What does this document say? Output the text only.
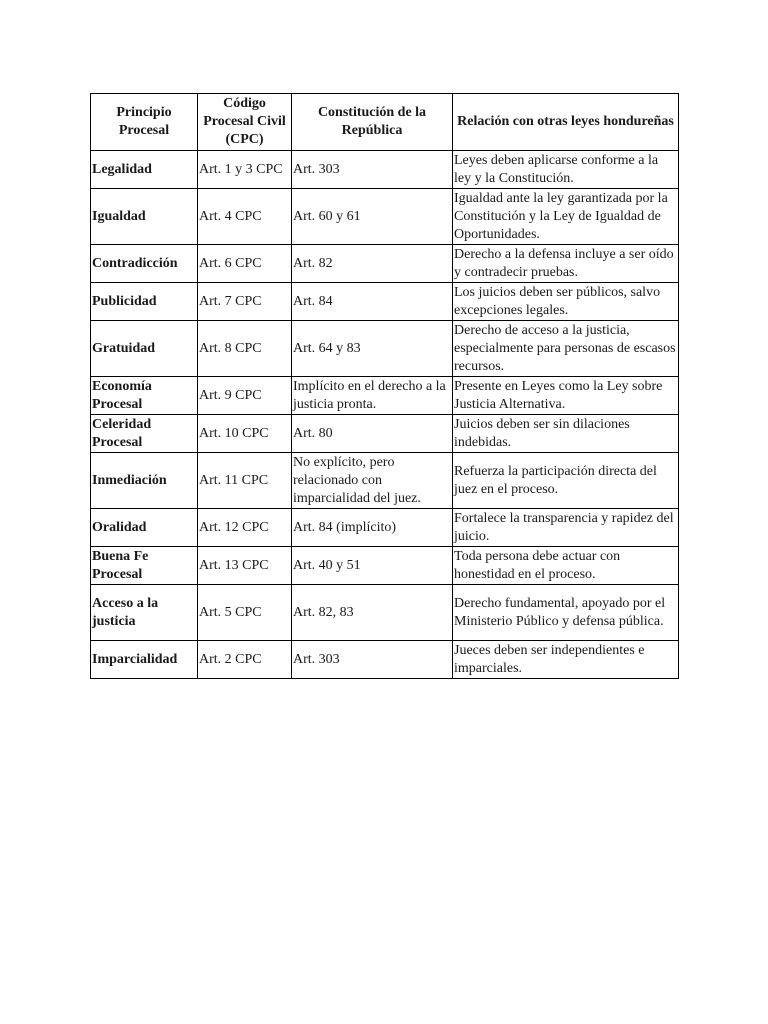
Principio Procesal	Código Procesal Civil (CPC)	Constitución de la República	Relación con otras leyes hondureñas
Legalidad	Art. 1 y 3 CPC	Art. 303	Leyes deben aplicarse conforme a la ley y la Constitución.
Igualdad	Art. 4 CPC	Art. 60 y 61	Igualdad ante la ley garantizada por la Constitución y la Ley de Igualdad de Oportunidades.
Contradicción	Art. 6 CPC	Art. 82	Derecho a la defensa incluye a ser oído y contradecir pruebas.
Publicidad	Art. 7 CPC	Art. 84	Los juicios deben ser públicos, salvo excepciones legales.
Gratuidad	Art. 8 CPC	Art. 64 y 83	Derecho de acceso a la justicia, especialmente para personas de escasos recursos.
Economía Procesal	Art. 9 CPC	Implícito en el derecho a la justicia pronta.	Presente en Leyes como la Ley sobre Justicia Alternativa.
Celeridad Procesal	Art. 10 CPC	Art. 80	Juicios deben ser sin dilaciones indebidas.
Inmediación	Art. 11 CPC	No explícito, pero relacionado con imparcialidad del juez.	Refuerza la participación directa del juez en el proceso.
Oralidad	Art. 12 CPC	Art. 84 (implícito)	Fortalece la transparencia y rapidez del juicio.
Buena Fe Procesal	Art. 13 CPC	Art. 40 y 51	Toda persona debe actuar con honestidad en el proceso.
Acceso a la justicia	Art. 5 CPC	Art. 82, 83	Derecho fundamental, apoyado por el Ministerio Público y defensa pública.
Imparcialidad	Art. 2 CPC	Art. 303	Jueces deben ser independientes e imparciales.
